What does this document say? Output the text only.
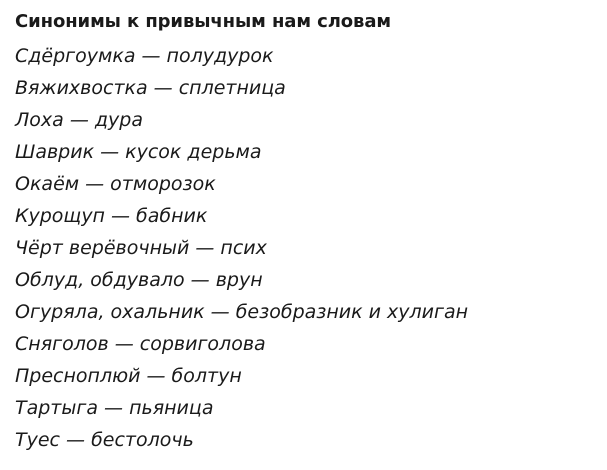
Синонимы к привычным нам словам
Сдёргоумка — полудурок
Вяжихвостка — сплетница
Лоха — дура
Шаврик — кусок дерьма
Окаём — отморозок
Курощуп — бабник
Чёрт верёвочный — псих
Облуд, обдувало — врун
Огуряла, охальник — безобразник и хулиган
Сняголов — сорвиголова
Пресноплюй — болтун
Тартыга — пьяница
Туес — бестолочь
